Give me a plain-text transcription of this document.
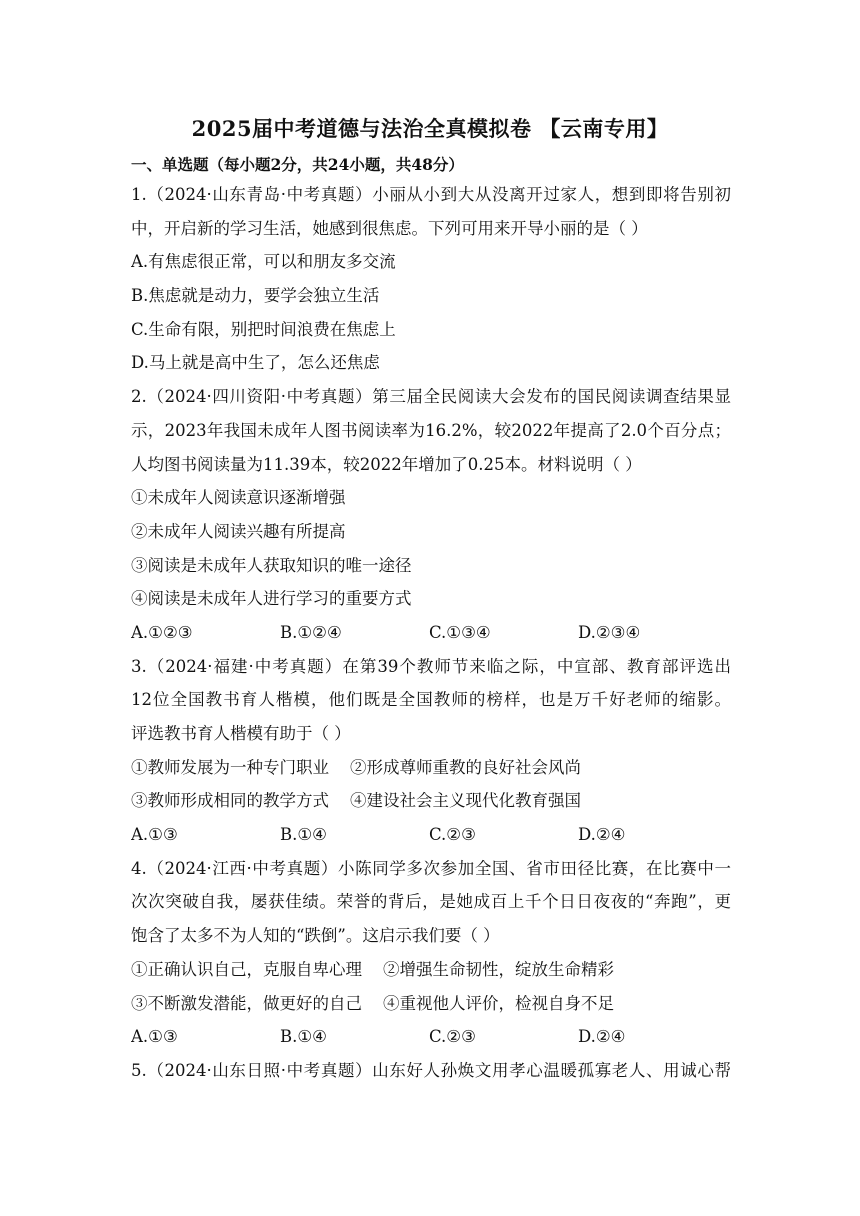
2025届中考道德与法治全真模拟卷 【云南专用】
一、单选题（每小题2分，共24小题，共48分）
1.（2024·山东青岛·中考真题）小丽从小到大从没离开过家人，想到即将告别初
中，开启新的学习生活，她感到很焦虑。下列可用来开导小丽的是（ ）
A.有焦虑很正常，可以和朋友多交流
B.焦虑就是动力，要学会独立生活
C.生命有限，别把时间浪费在焦虑上
D.马上就是高中生了，怎么还焦虑
2.（2024·四川资阳·中考真题）第三届全民阅读大会发布的国民阅读调查结果显
示，2023年我国未成年人图书阅读率为16.2%，较2022年提高了2.0个百分点；
人均图书阅读量为11.39本，较2022年增加了0.25本。材料说明（ ）
①未成年人阅读意识逐渐增强
②未成年人阅读兴趣有所提高
③阅读是未成年人获取知识的唯一途径
④阅读是未成年人进行学习的重要方式
A.①②③	B.①②④	C.①③④	D.②③④
3.（2024·福建·中考真题）在第39个教师节来临之际，中宣部、教育部评选出
12位全国教书育人楷模，他们既是全国教师的榜样，也是万千好老师的缩影。
评选教书育人楷模有助于（ ）
①教师发展为一种专门职业    ②形成尊师重教的良好社会风尚
③教师形成相同的教学方式    ④建设社会主义现代化教育强国
A.①③	B.①④	C.②③	D.②④
4.（2024·江西·中考真题）小陈同学多次参加全国、省市田径比赛，在比赛中一
次次突破自我，屡获佳绩。荣誉的背后，是她成百上千个日日夜夜的“奔跑”，更
饱含了太多不为人知的“跌倒”。这启示我们要（ ）
①正确认识自己，克服自卑心理    ②增强生命韧性，绽放生命精彩
③不断激发潜能，做更好的自己    ④重视他人评价，检视自身不足
A.①③	B.①④	C.②③	D.②④
5.（2024·山东日照·中考真题）山东好人孙焕文用孝心温暖孤寡老人、用诚心帮
